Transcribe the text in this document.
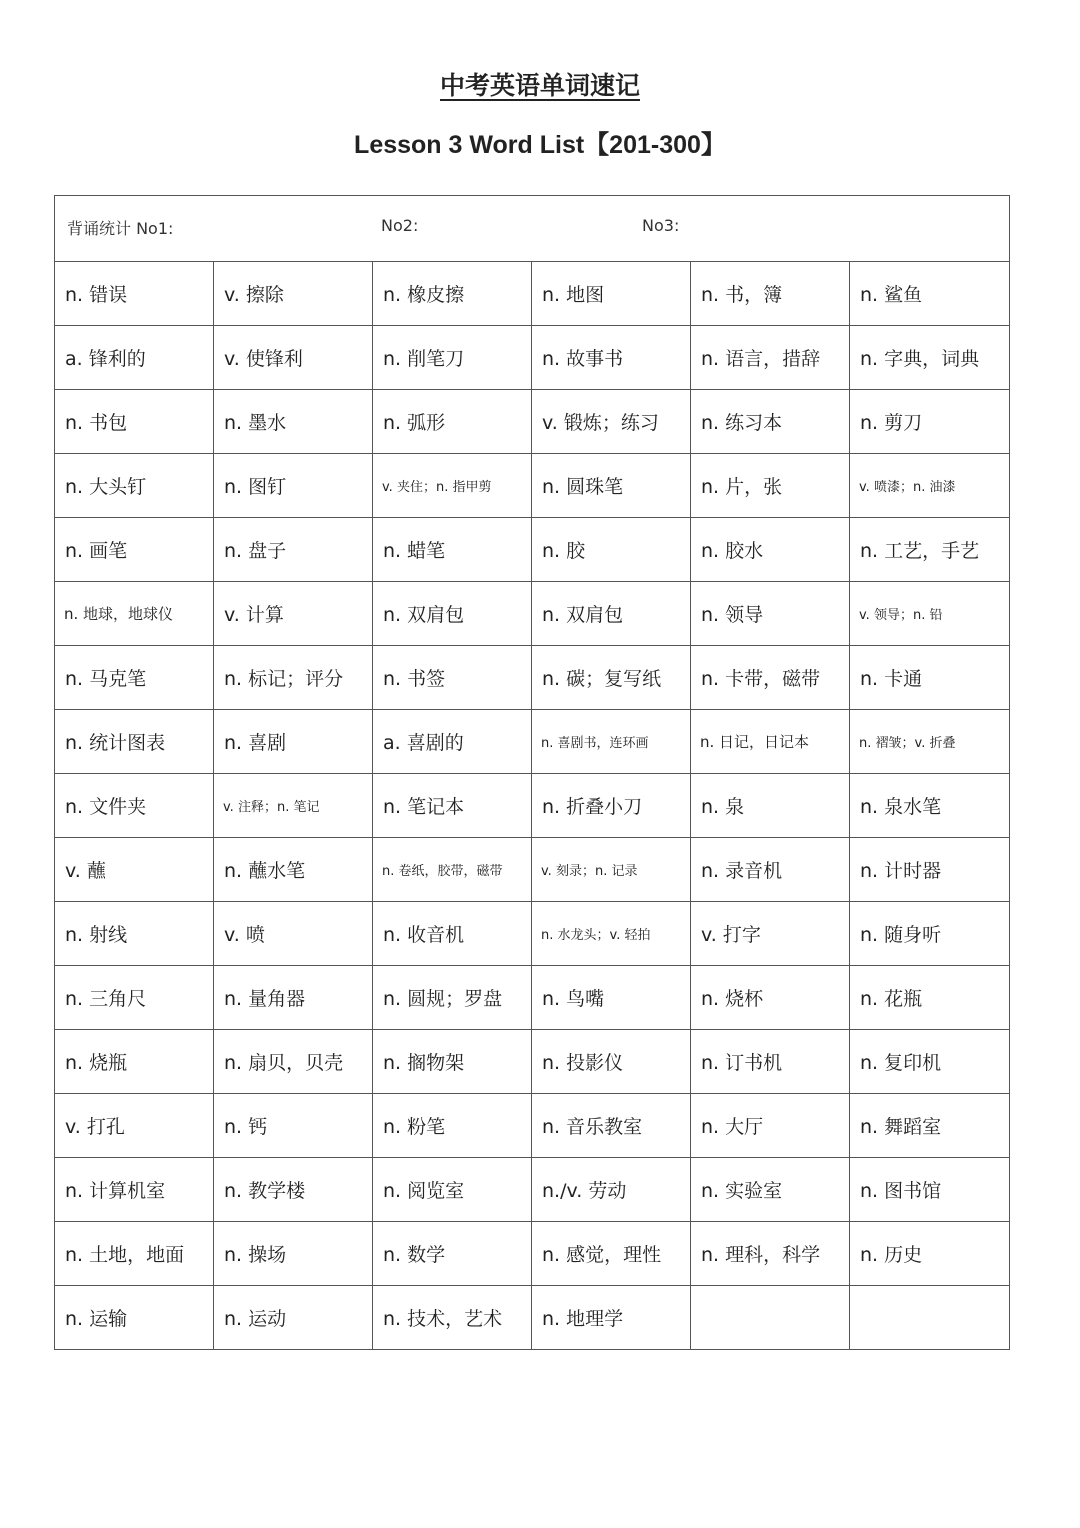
中考英语单词速记
Lesson 3 Word List【201-300】
背诵统计 No1: No2: No3:					

n. 错误	v. 擦除	n. 橡皮擦	n. 地图	n. 书，簿	n. 鲨鱼
a. 锋利的	v. 使锋利	n. 削笔刀	n. 故事书	n. 语言，措辞	n. 字典，词典
n. 书包	n. 墨水	n. 弧形	v. 锻炼；练习	n. 练习本	n. 剪刀
n. 大头钉	n. 图钉	v. 夹住；n. 指甲剪	n. 圆珠笔	n. 片，张	v. 喷漆；n. 油漆
n. 画笔	n. 盘子	n. 蜡笔	n. 胶	n. 胶水	n. 工艺，手艺
n. 地球，地球仪	v. 计算	n. 双肩包	n. 双肩包	n. 领导	v. 领导；n. 铅
n. 马克笔	n. 标记；评分	n. 书签	n. 碳；复写纸	n. 卡带，磁带	n. 卡通
n. 统计图表	n. 喜剧	a. 喜剧的	n. 喜剧书，连环画	n. 日记，日记本	n. 褶皱；v. 折叠
n. 文件夹	v. 注释；n. 笔记	n. 笔记本	n. 折叠小刀	n. 泉	n. 泉水笔
v. 蘸	n. 蘸水笔	n. 卷纸，胶带，磁带	v. 刻录；n. 记录	n. 录音机	n. 计时器
n. 射线	v. 喷	n. 收音机	n. 水龙头；v. 轻拍	v. 打字	n. 随身听
n. 三角尺	n. 量角器	n. 圆规；罗盘	n. 鸟嘴	n. 烧杯	n. 花瓶
n. 烧瓶	n. 扇贝，贝壳	n. 搁物架	n. 投影仪	n. 订书机	n. 复印机
v. 打孔	n. 钙	n. 粉笔	n. 音乐教室	n. 大厅	n. 舞蹈室
n. 计算机室	n. 教学楼	n. 阅览室	n./v. 劳动	n. 实验室	n. 图书馆
n. 土地，地面	n. 操场	n. 数学	n. 感觉，理性	n. 理科，科学	n. 历史
n. 运输	n. 运动	n. 技术，艺术	n. 地理学		
